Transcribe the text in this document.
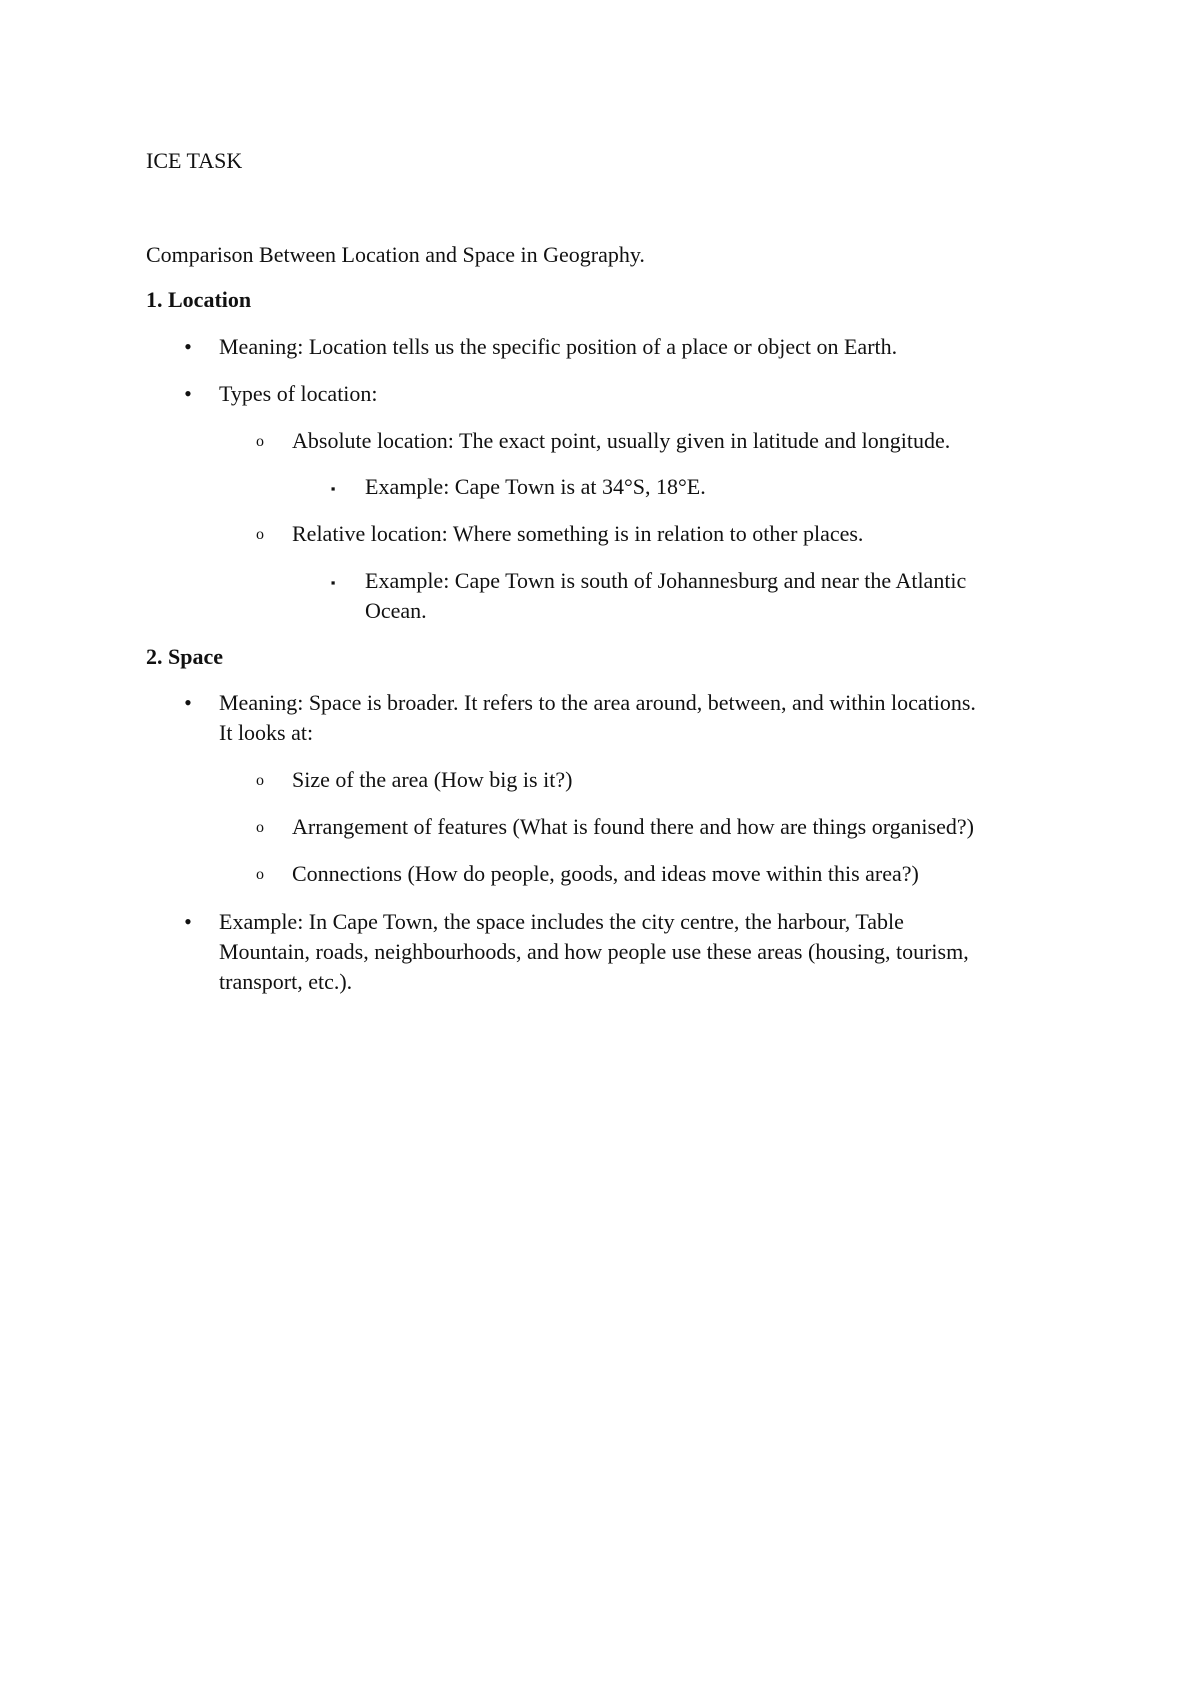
ICE TASK
Comparison Between Location and Space in Geography.
1. Location
• Meaning: Location tells us the specific position of a place or object on Earth.
• Types of location:
o Absolute location: The exact point, usually given in latitude and longitude.
▪	Example: Cape Town is at 34°S, 18°E.
o Relative location: Where something is in relation to other places.
▪	Example: Cape Town is south of Johannesburg and near the Atlantic
Ocean.
2. Space
• Meaning: Space is broader. It refers to the area around, between, and within locations.
It looks at:
o Size of the area (How big is it?)
o Arrangement of features (What is found there and how are things organised?)
o Connections (How do people, goods, and ideas move within this area?)
• Example: In Cape Town, the space includes the city centre, the harbour, Table
Mountain, roads, neighbourhoods, and how people use these areas (housing, tourism,
transport, etc.).
